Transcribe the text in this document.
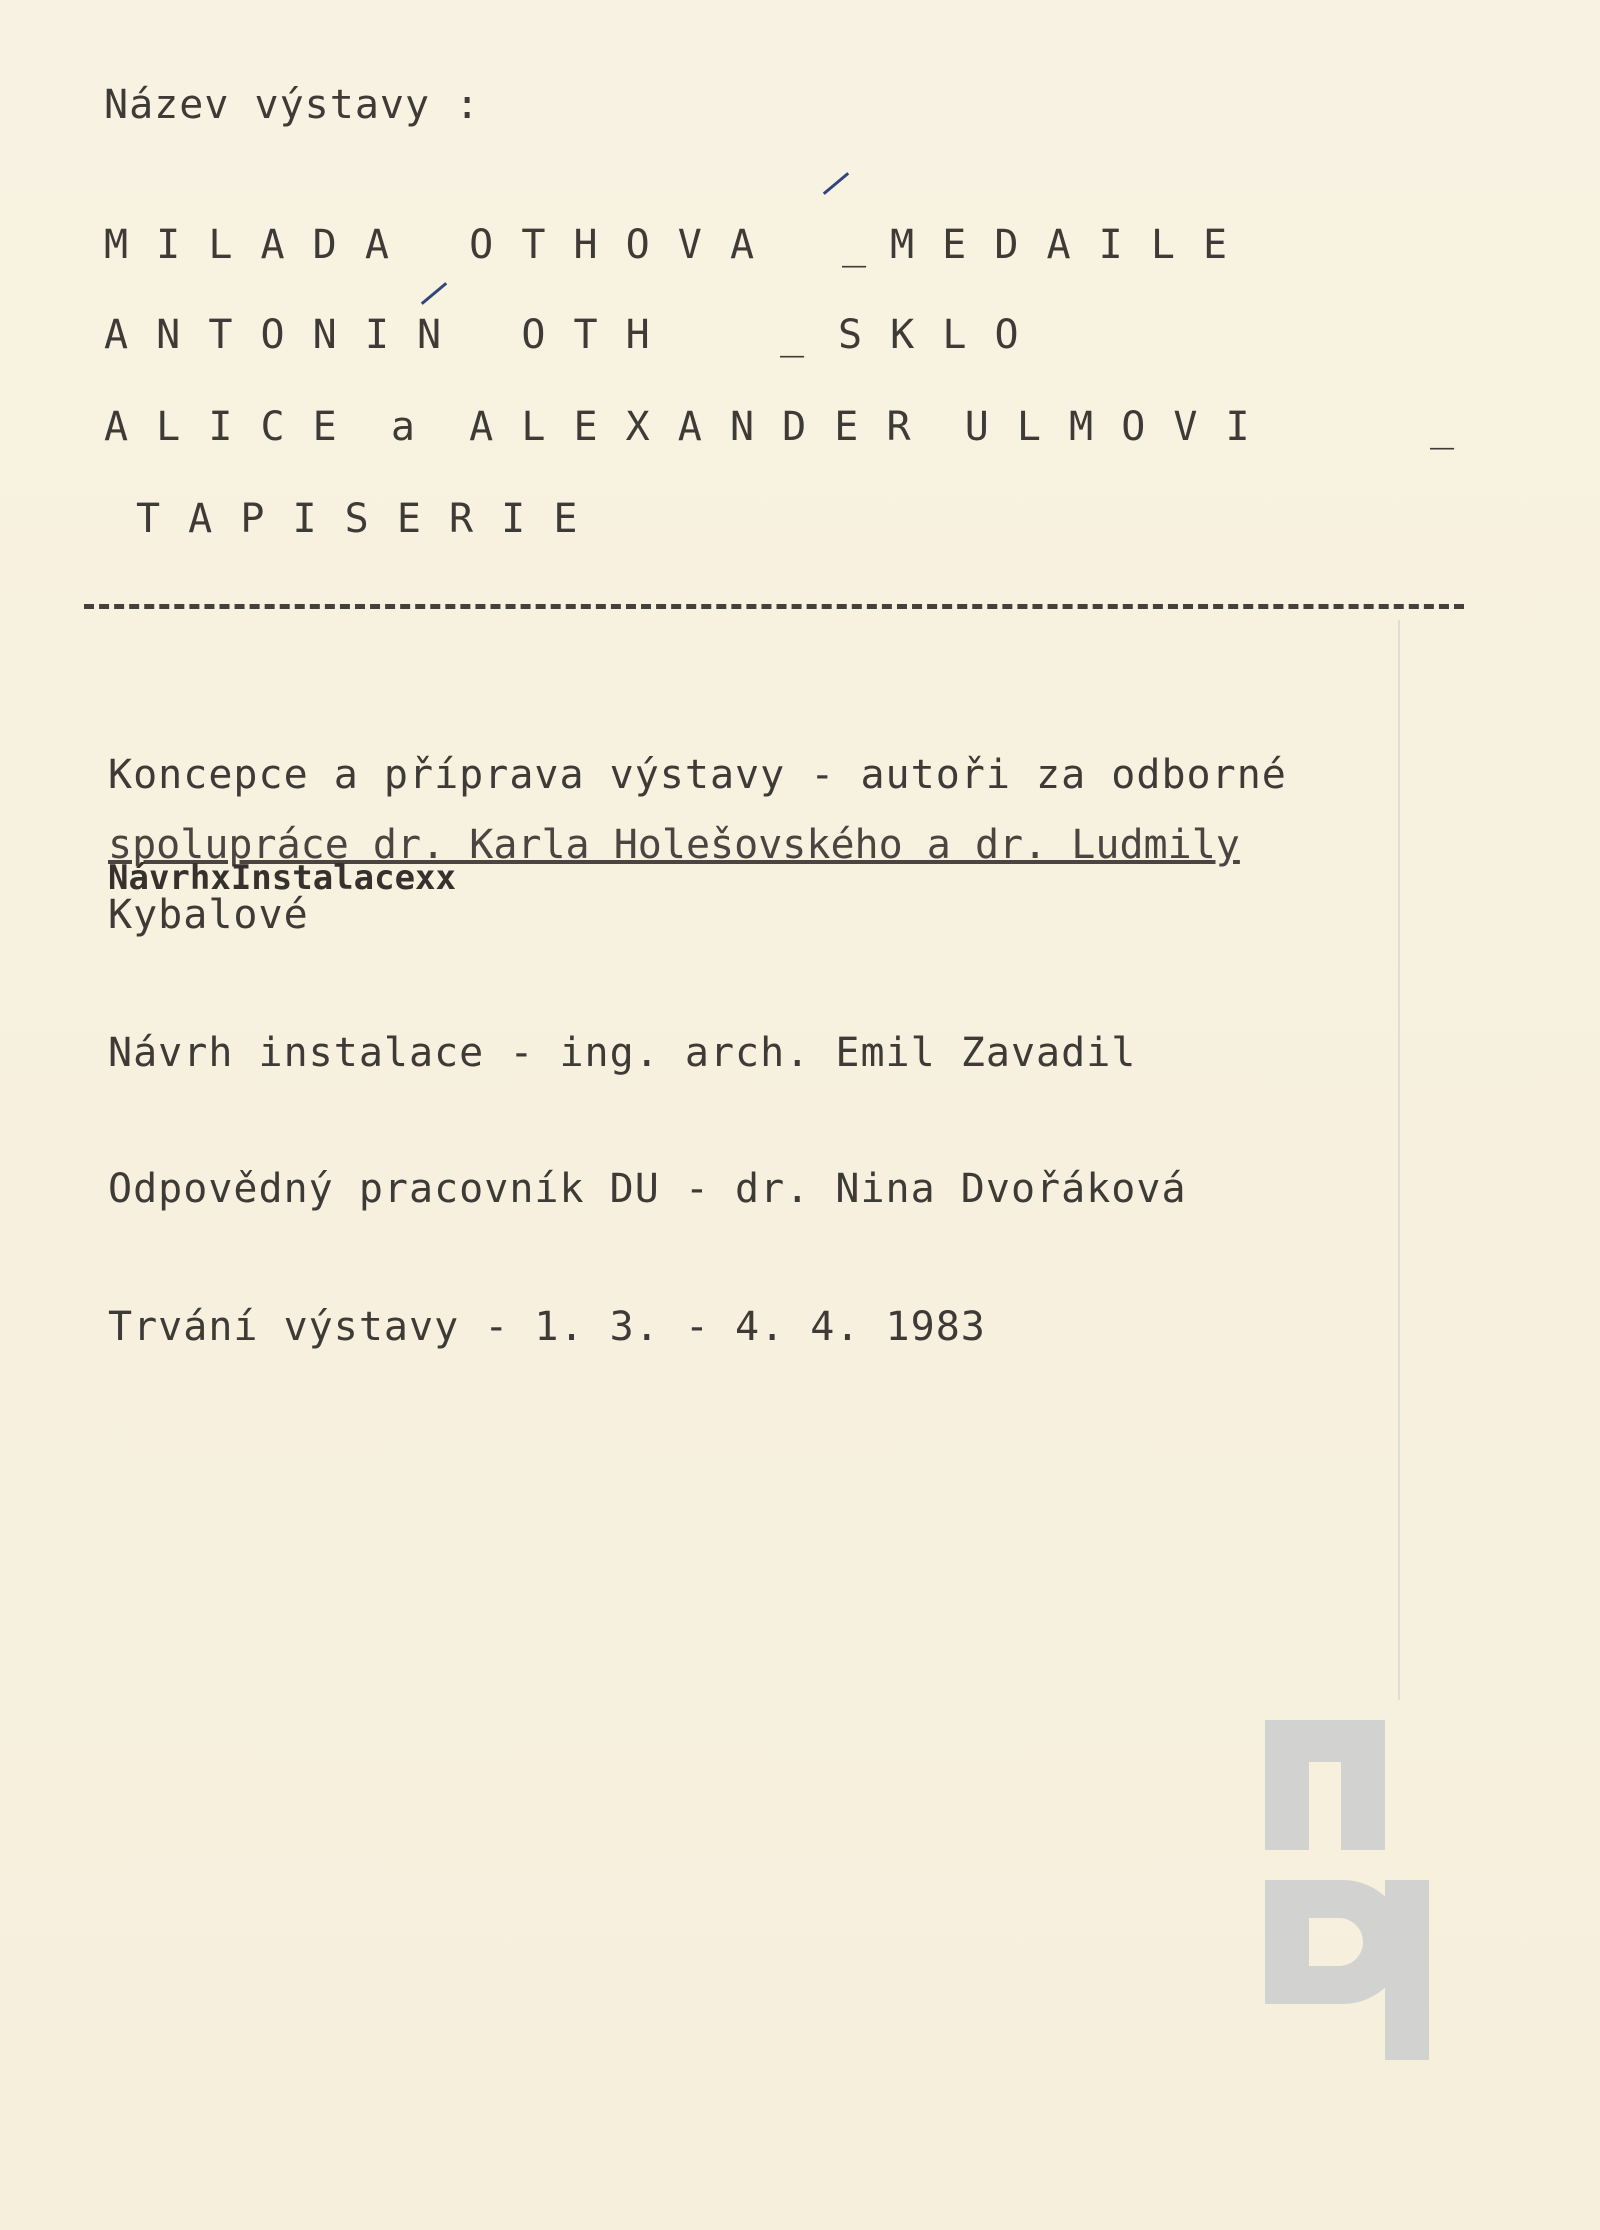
Název výstavy :
M I L A D A   O T H O V A _ M E D A I L E
A N T O N I N   O T H	_ S K L O
A L I C E  a  A L E X A N D E R  U L M O V I	_
T A P I S E R I E
Koncepce a příprava výstavy - autoři za odborné
spolupráce dr. Karla Holešovského a dr. Ludmily
NávrhxInstalacexx
Kybalové
Návrh instalace - ing. arch. Emil Zavadil
Odpovědný pracovník DU - dr. Nina Dvořáková
Trvání výstavy - 1. 3. - 4. 4. 1983
